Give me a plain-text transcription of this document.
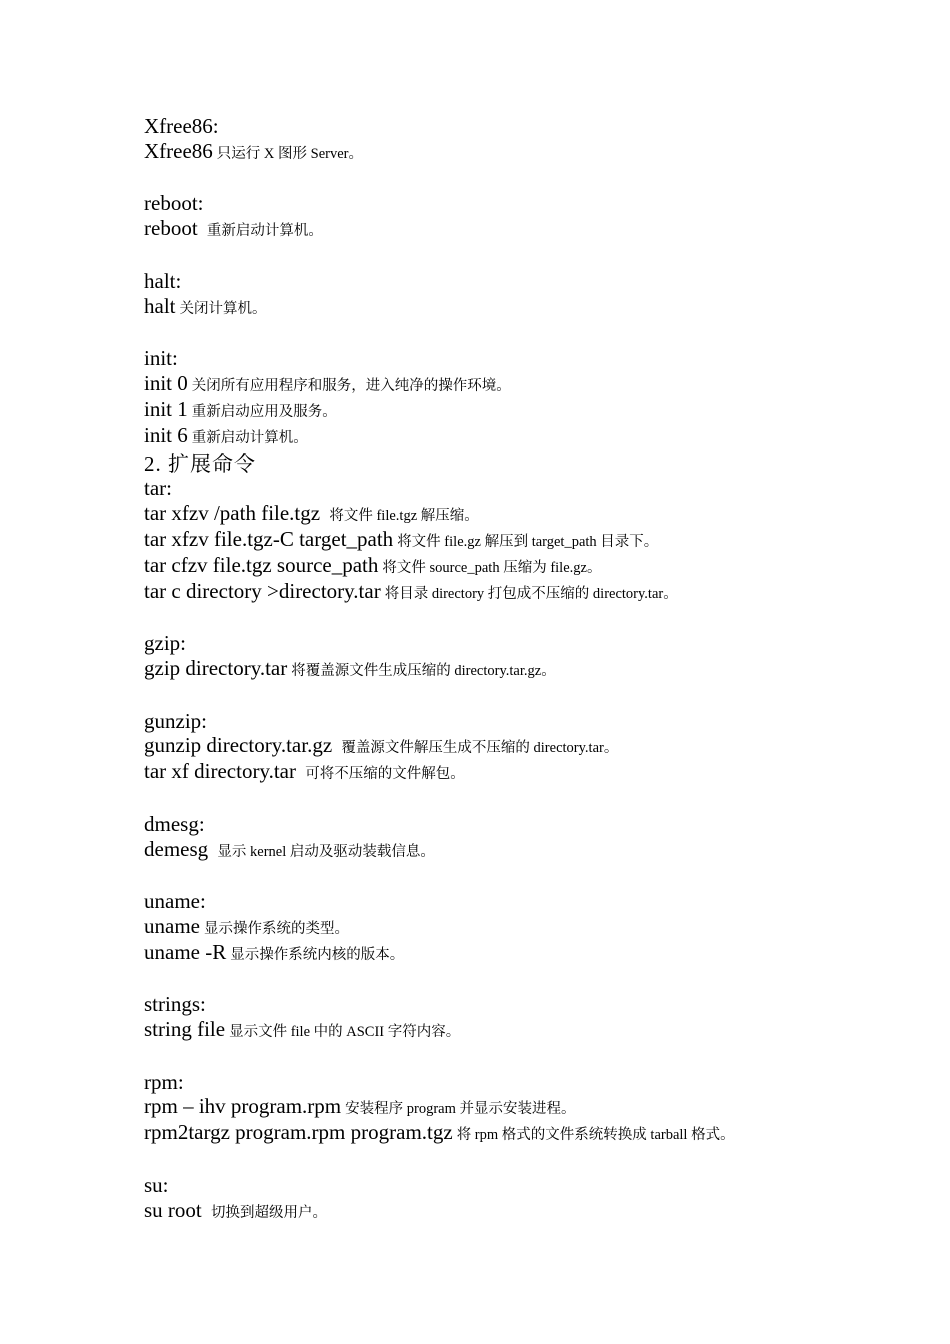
Xfree86:
Xfree86 只运行 X 图形 Server。
reboot:
reboot 重新启动计算机。
halt:
halt 关闭计算机。
init:
init 0 关闭所有应用程序和服务，进入纯净的操作环境。
init 1 重新启动应用及服务。
init 6 重新启动计算机。
2. 扩展命令
tar:
tar xfzv /path file.tgz 将文件 file.tgz 解压缩。
tar xfzv file.tgz-C target_path 将文件 file.gz 解压到 target_path 目录下。
tar cfzv file.tgz source_path 将文件 source_path 压缩为 file.gz。
tar c directory >directory.tar 将目录 directory 打包成不压缩的 directory.tar。
gzip:
gzip directory.tar 将覆盖源文件生成压缩的 directory.tar.gz。
gunzip:
gunzip directory.tar.gz 覆盖源文件解压生成不压缩的 directory.tar。
tar xf directory.tar 可将不压缩的文件解包。
dmesg:
demesg 显示 kernel 启动及驱动装载信息。
uname:
uname 显示操作系统的类型。
uname -R 显示操作系统内核的版本。
strings:
string file 显示文件 file 中的 ASCII 字符内容。
rpm:
rpm – ihv program.rpm 安装程序 program 并显示安装进程。
rpm2targz program.rpm program.tgz 将 rpm 格式的文件系统转换成 tarball 格式。
su:
su root 切换到超级用户。
